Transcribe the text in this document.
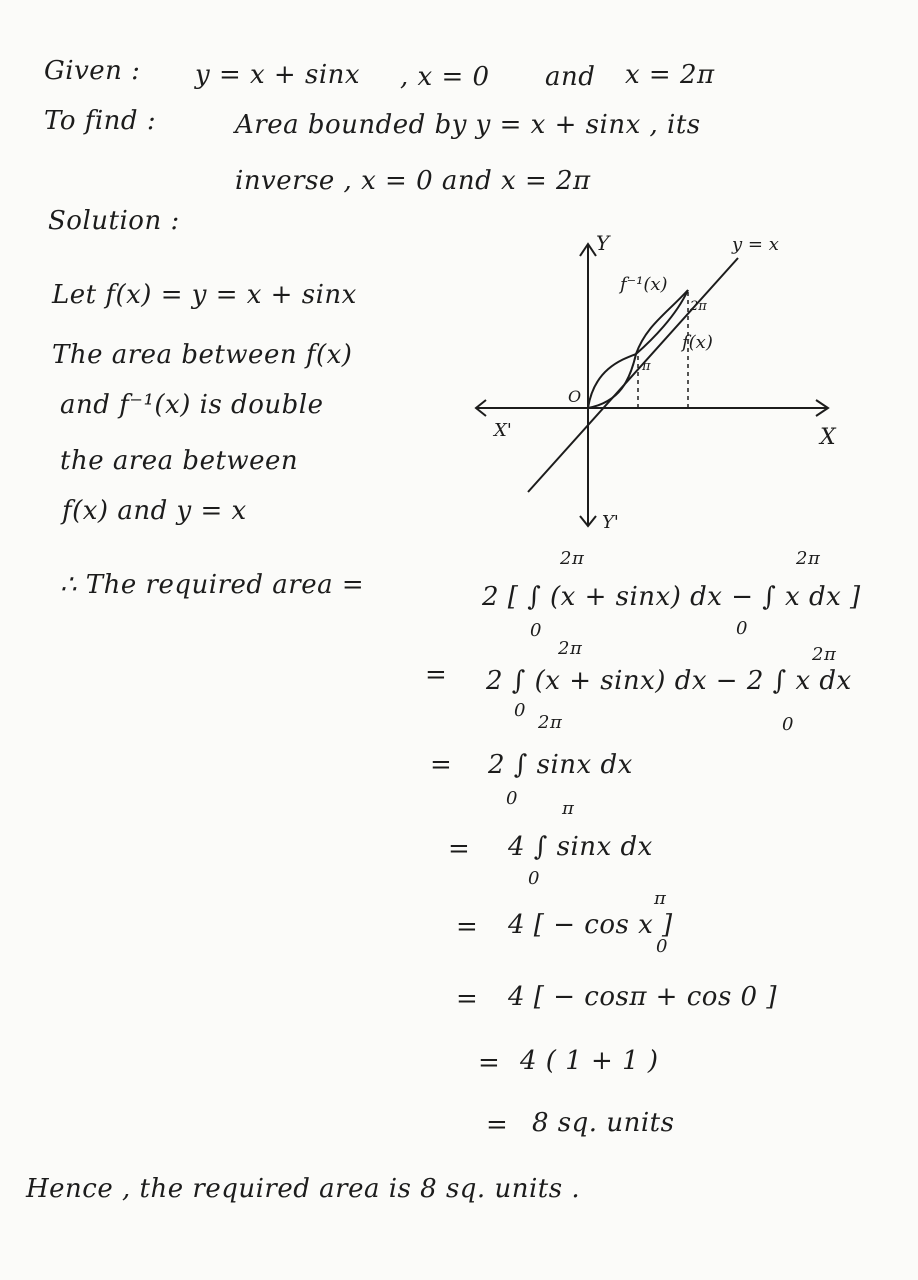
Given : y = x + sinx , x = 0 and x = 2π
To find :	Area bounded by y = x + sinx , its
inverse , x = 0 and x = 2π
Solution :
Let f(x) = y = x + sinx
The area between f(x)
and f⁻¹(x) is double
the area between
f(x) and y = x
Y
Y'
X
X'
O
y = x
f⁻¹(x)
f(x)
2π
π
∴ The required area =
2π
0
2π
0
2 [ ∫ (x + sinx) dx − ∫ x dx ]
=
2π
0
2π
0
2 ∫ (x + sinx) dx − 2 ∫ x dx
=
2π
0
2 ∫ sinx dx
=
π
0
4 ∫ sinx dx
=
π
0
4 [ − cos x ]
= 4 [ − cosπ + cos 0 ]
= 4 ( 1 + 1 )
= 8 sq. units
Hence , the required area is 8 sq. units .
